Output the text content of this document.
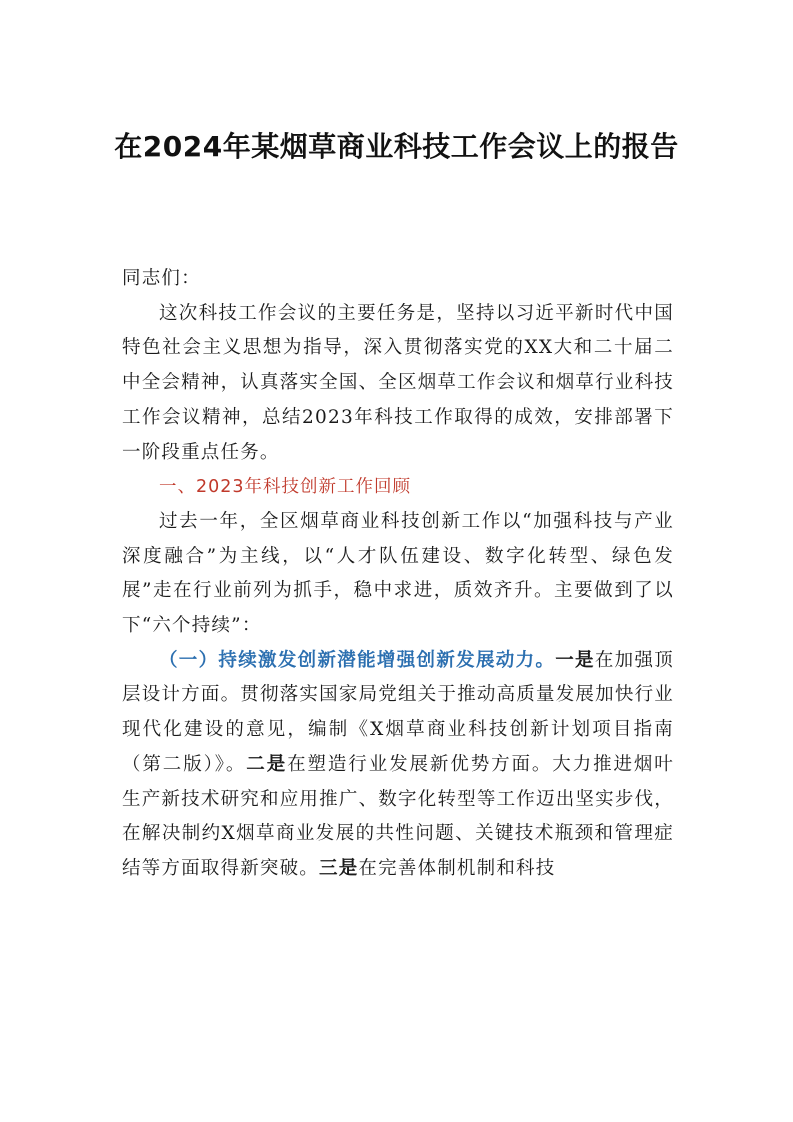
在2024年某烟草商业科技工作会议上的报告

同志们：

这次科技工作会议的主要任务是，坚持以习近平新时代中国特色社会主义思想为指导，深入贯彻落实党的XX大和二十届二中全会精神，认真落实全国、全区烟草工作会议和烟草行业科技工作会议精神，总结2023年科技工作取得的成效，安排部署下一阶段重点任务。

一、2023年科技创新工作回顾

过去一年，全区烟草商业科技创新工作以“加强科技与产业深度融合”为主线，以“人才队伍建设、数字化转型、绿色发展”走在行业前列为抓手，稳中求进，质效齐升。主要做到了以下“六个持续”：

（一）持续激发创新潜能增强创新发展动力。一是在加强顶层设计方面。贯彻落实国家局党组关于推动高质量发展加快行业现代化建设的意见，编制《X烟草商业科技创新计划项目指南（第二版）》。二是在塑造行业发展新优势方面。大力推进烟叶生产新技术研究和应用推广、数字化转型等工作迈出坚实步伐，在解决制约X烟草商业发展的共性问题、关键技术瓶颈和管理症结等方面取得新突破。三是在完善体制机制和科技
